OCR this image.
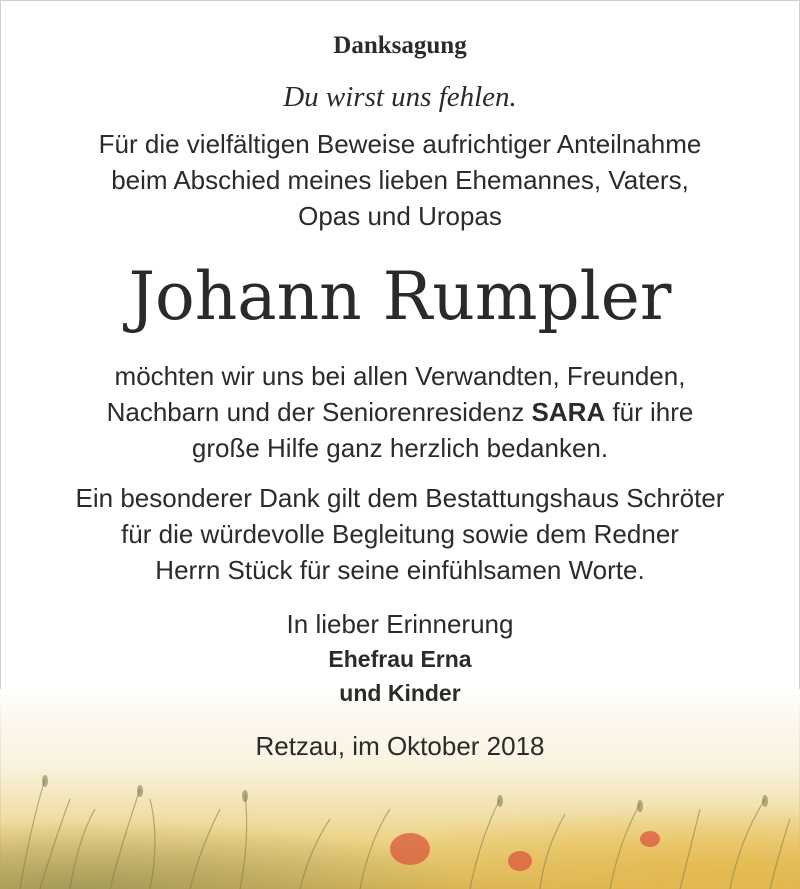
Danksagung
Du wirst uns fehlen.
Für die vielfältigen Beweise aufrichtiger Anteilnahme
beim Abschied meines lieben Ehemannes, Vaters,
Opas und Uropas
Johann Rumpler
möchten wir uns bei allen Verwandten, Freunden,
Nachbarn und der Seniorenresidenz SARA für ihre
große Hilfe ganz herzlich bedanken.
Ein besonderer Dank gilt dem Bestattungshaus Schröter
für die würdevolle Begleitung sowie dem Redner
Herrn Stück für seine einfühlsamen Worte.
In lieber Erinnerung
Ehefrau Erna
und Kinder
Retzau, im Oktober 2018
